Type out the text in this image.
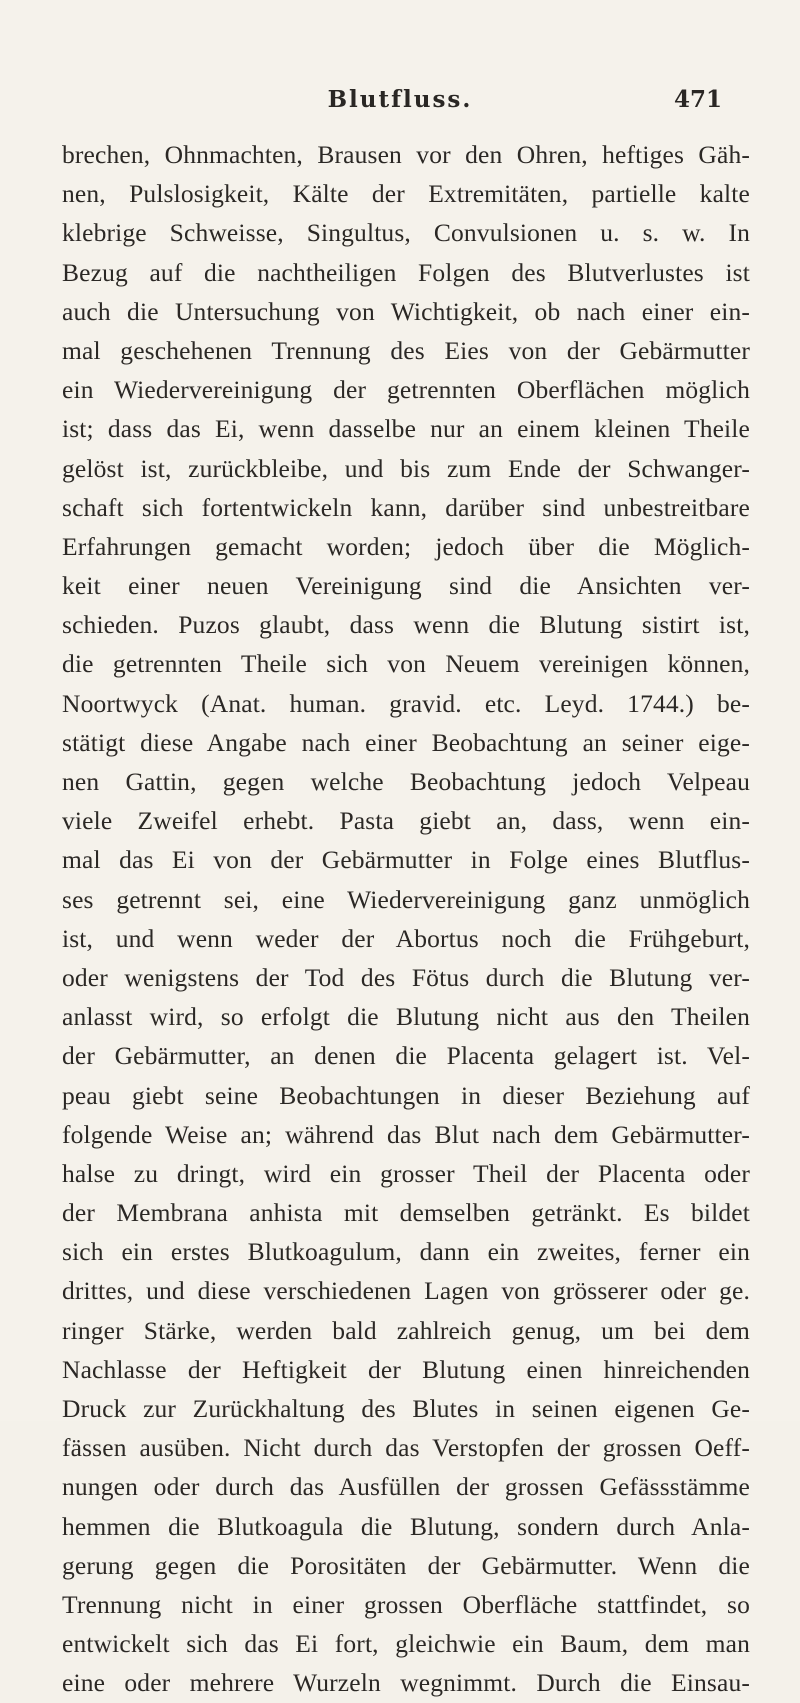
Blutfluss.	471
brechen, Ohnmachten, Brausen vor den Ohren, heftiges Gäh-
nen, Pulslosigkeit, Kälte der Extremitäten, partielle kalte
klebrige Schweisse, Singultus, Convulsionen u. s. w. In
Bezug auf die nachtheiligen Folgen des Blutverlustes ist
auch die Untersuchung von Wichtigkeit, ob nach einer ein-
mal geschehenen Trennung des Eies von der Gebärmutter
ein Wiedervereinigung der getrennten Oberflächen möglich
ist; dass das Ei, wenn dasselbe nur an einem kleinen Theile
gelöst ist, zurückbleibe, und bis zum Ende der Schwanger-
schaft sich fortentwickeln kann, darüber sind unbestreitbare
Erfahrungen gemacht worden; jedoch über die Möglich-
keit einer neuen Vereinigung sind die Ansichten ver-
schieden. Puzos glaubt, dass wenn die Blutung sistirt ist,
die getrennten Theile sich von Neuem vereinigen können,
Noortwyck (Anat. human. gravid. etc. Leyd. 1744.) be-
stätigt diese Angabe nach einer Beobachtung an seiner eige-
nen Gattin, gegen welche Beobachtung jedoch Velpeau
viele Zweifel erhebt. Pasta giebt an, dass, wenn ein-
mal das Ei von der Gebärmutter in Folge eines Blutflus-
ses getrennt sei, eine Wiedervereinigung ganz unmöglich
ist, und wenn weder der Abortus noch die Frühgeburt,
oder wenigstens der Tod des Fötus durch die Blutung ver-
anlasst wird, so erfolgt die Blutung nicht aus den Theilen
der Gebärmutter, an denen die Placenta gelagert ist. Vel-
peau giebt seine Beobachtungen in dieser Beziehung auf
folgende Weise an; während das Blut nach dem Gebärmutter-
halse zu dringt, wird ein grosser Theil der Placenta oder
der Membrana anhista mit demselben getränkt. Es bildet
sich ein erstes Blutkoagulum, dann ein zweites, ferner ein
drittes, und diese verschiedenen Lagen von grösserer oder ge.
ringer Stärke, werden bald zahlreich genug, um bei dem
Nachlasse der Heftigkeit der Blutung einen hinreichenden
Druck zur Zurückhaltung des Blutes in seinen eigenen Ge-
fässen ausüben. Nicht durch das Verstopfen der grossen Oeff-
nungen oder durch das Ausfüllen der grossen Gefässstämme
hemmen die Blutkoagula die Blutung, sondern durch Anla-
gerung gegen die Porositäten der Gebärmutter. Wenn die
Trennung nicht in einer grossen Oberfläche stattfindet, so
entwickelt sich das Ei fort, gleichwie ein Baum, dem man
eine oder mehrere Wurzeln wegnimmt. Durch die Einsau-
